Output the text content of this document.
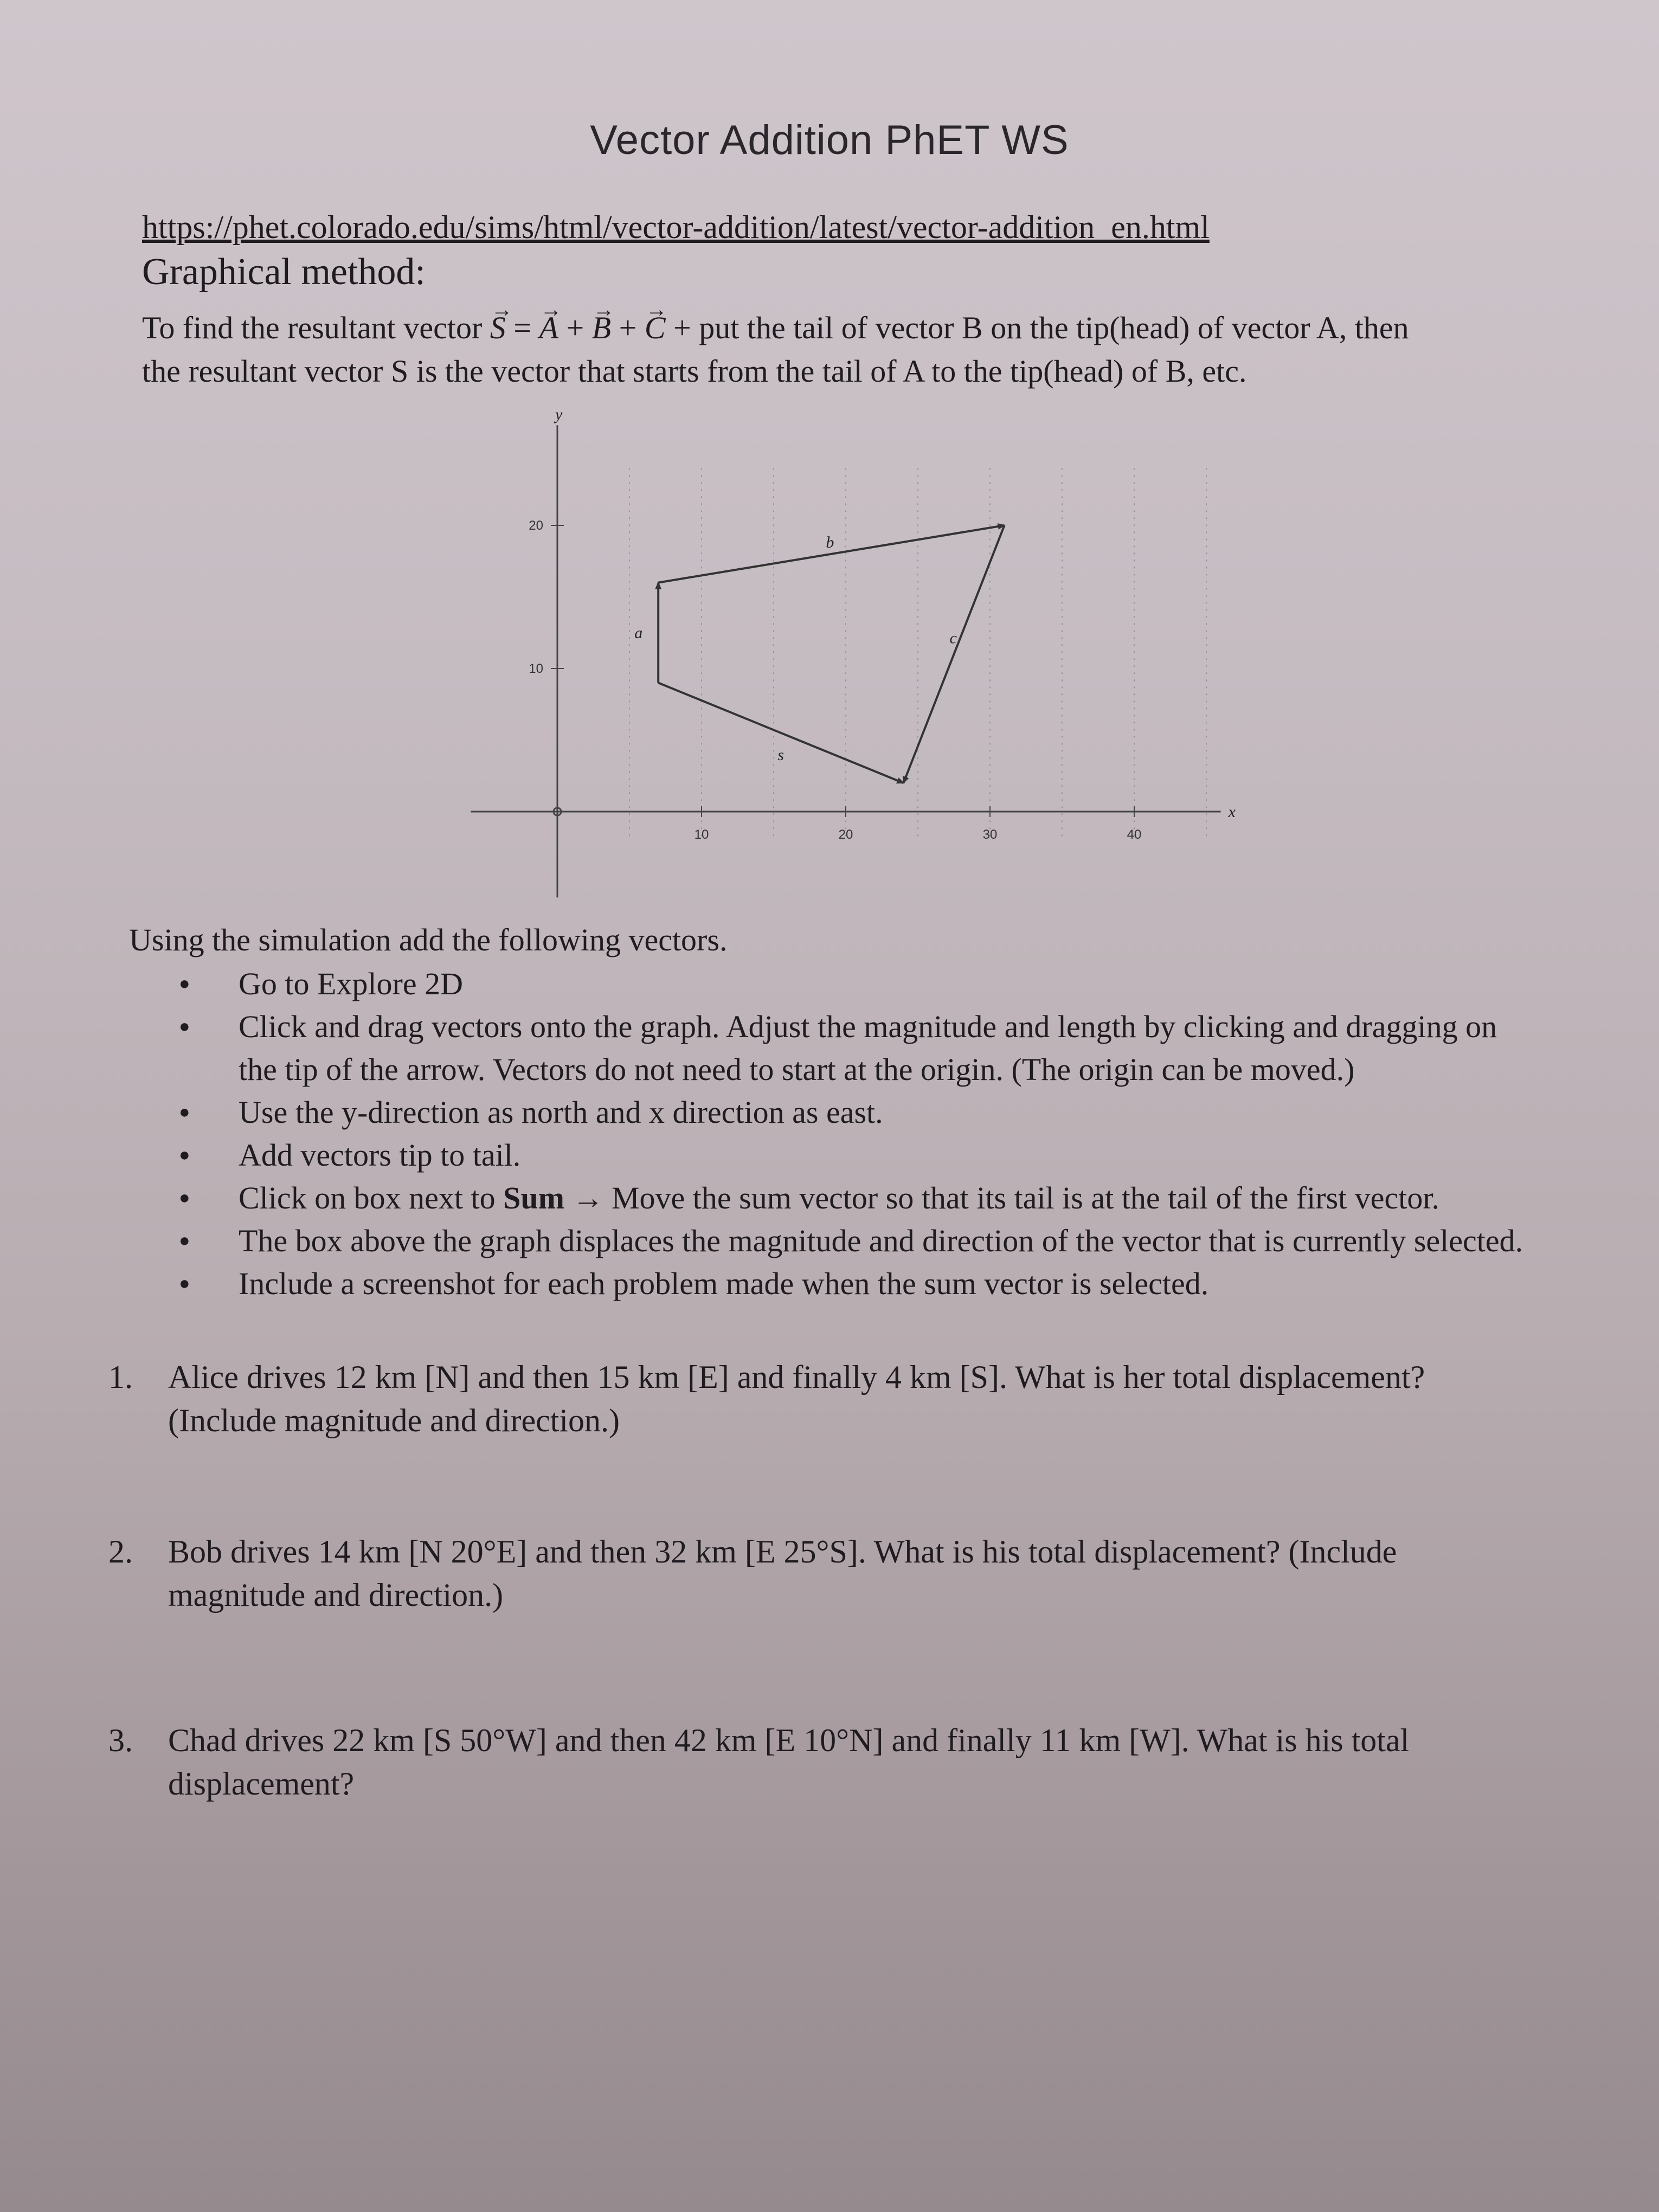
Vector Addition PhET WS
https://phet.colorado.edu/sims/html/vector-addition/latest/vector-addition_en.html
Graphical method:
To find the resultant vector → S = → A + → B + → C + put the tail of vector B on the tip(head) of vector A, then
the resultant vector S is the vector that starts from the tail of A to the tip(head) of B, etc.
x
y
10	20	30	40
10
20
a
b
c
s
Using the simulation add the following vectors.
● Go to Explore 2D
● Click and drag vectors onto the graph. Adjust the magnitude and length by clicking and dragging on
the tip of the arrow. Vectors do not need to start at the origin. (The origin can be moved.)
● Use the y-direction as north and x direction as east.
● Add vectors tip to tail.
● Click on box next to Sum → Move the sum vector so that its tail is at the tail of the first vector.
● The box above the graph displaces the magnitude and direction of the vector that is currently selected.
● Include a screenshot for each problem made when the sum vector is selected.
1. Alice drives 12 km [N] and then 15 km [E] and finally 4 km [S]. What is her total displacement?
(Include magnitude and direction.)
2. Bob drives 14 km [N 20°E] and then 32 km [E 25°S]. What is his total displacement? (Include
magnitude and direction.)
3. Chad drives 22 km [S 50°W] and then 42 km [E 10°N] and finally 11 km [W]. What is his total
displacement?
